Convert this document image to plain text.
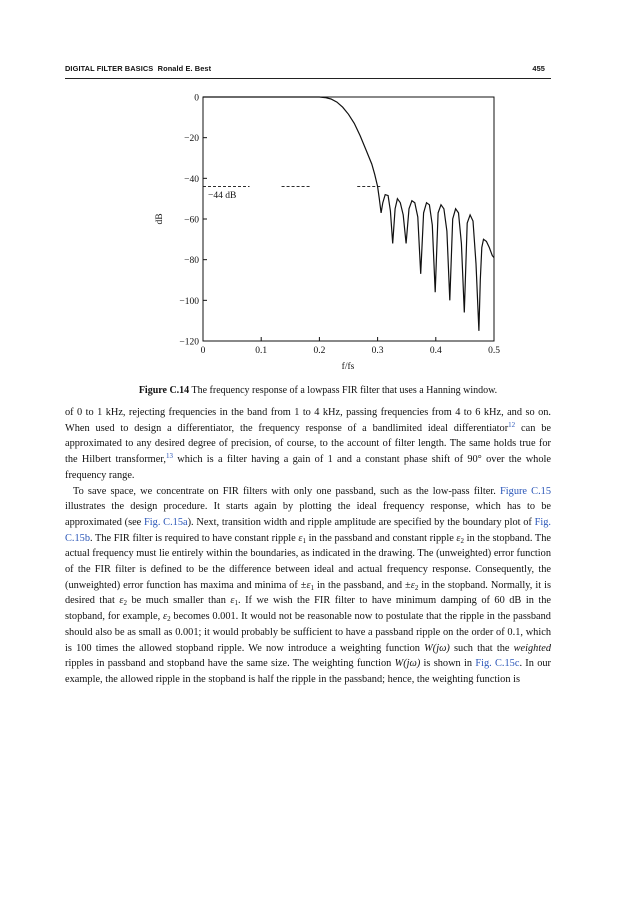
DIGITAL FILTER BASICS Ronald E. Best	455
0
−20
−40
−60
−80
−100
−120
0	0.1	0.2	0.3	0.4	0.5
−44 dB
f/fs
dB
Figure C.14 The frequency response of a lowpass FIR filter that uses a Hanning window.

of 0 to 1 kHz, rejecting frequencies in the band from 1 to 4 kHz, passing frequencies from 4 to 6 kHz, and so on. When used to design a differentiator, the frequency response of a bandlimited ideal differentiator$^{12}$ can be approximated to any desired degree of precision, of course, to the account of filter length. The same holds true for the Hilbert transformer,$^{13}$ which is a filter having a gain of 1 and a constant phase shift of 90° over the whole frequency range.

To save space, we concentrate on FIR filters with only one passband, such as the low-pass filter. Figure C.15 illustrates the design procedure. It starts again by plotting the ideal frequency response, which has to be approximated (see Fig. C.15a). Next, transition width and ripple amplitude are specified by the boundary plot of Fig. C.15b. The FIR filter is required to have constant ripple $\varepsilon_1$ in the passband and constant ripple $\varepsilon_2$ in the stopband. The actual frequency must lie entirely within the boundaries, as indicated in the drawing. The (unweighted) error function of the FIR filter is defined to be the difference between ideal and actual frequency response. Consequently, the (unweighted) error function has maxima and minima of $\pm\varepsilon_1$ in the passband, and $\pm\varepsilon_2$ in the stopband. Normally, it is desired that $\varepsilon_2$ be much smaller than $\varepsilon_1$. If we wish the FIR filter to have minimum damping of 60 dB in the stopband, for example, $\varepsilon_2$ becomes 0.001. It would not be reasonable now to postulate that the ripple in the passband should also be as small as 0.001; it would probably be sufficient to have a passband ripple on the order of 0.1, which is 100 times the allowed stopband ripple. We now introduce a weighting function W(jω) such that the weighted ripples in passband and stopband have the same size. The weighting function W(jω) is shown in Fig. C.15c. In our example, the allowed ripple in the stopband is half the ripple in the passband; hence, the weighting function is
